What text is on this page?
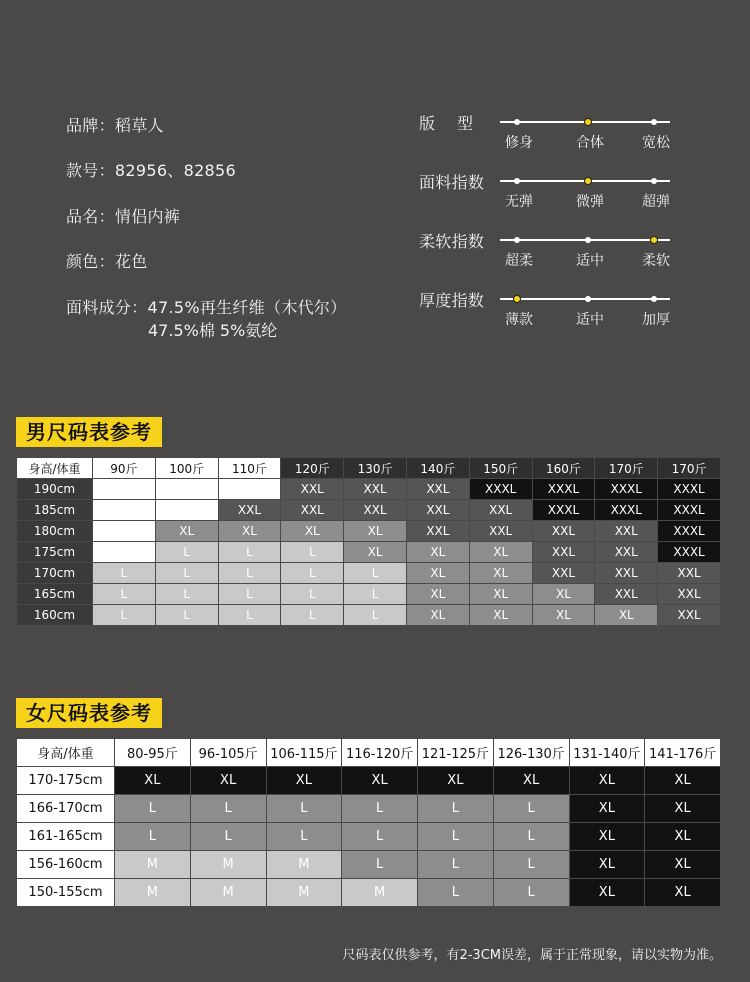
品牌：稻草人
款号：82956、82856
品名：情侣内裤
颜色：花色
面料成分：47.5%再生纤维（木代尔）
47.5%棉 5%氨纶
版　 型
修身	合体	宽松
面料指数
无弹	微弹	超弹
柔软指数
超柔	适中	柔软
厚度指数
薄款	适中	加厚
男尺码表参考
身高/体重	90斤	100斤	110斤	120斤	130斤	140斤	150斤	160斤	170斤	170斤
190cm				XXL	XXL	XXL	XXXL	XXXL	XXXL	XXXL
185cm			XXL	XXL	XXL	XXL	XXL	XXXL	XXXL	XXXL
180cm		XL	XL	XL	XL	XXL	XXL	XXL	XXL	XXXL
175cm		L	L	L	XL	XL	XL	XXL	XXL	XXXL
170cm	L	L	L	L	L	XL	XL	XXL	XXL	XXL
165cm	L	L	L	L	L	XL	XL	XL	XXL	XXL
160cm	L	L	L	L	L	XL	XL	XL	XL	XXL
女尺码表参考
身高/体重	80-95斤	96-105斤	106-115斤	116-120斤	121-125斤	126-130斤	131-140斤	141-176斤
170-175cm	XL	XL	XL	XL	XL	XL	XL	XL
166-170cm	L	L	L	L	L	L	XL	XL
161-165cm	L	L	L	L	L	L	XL	XL
156-160cm	M	M	M	L	L	L	XL	XL
150-155cm	M	M	M	M	L	L	XL	XL
尺码表仅供参考，有2-3CM误差，属于正常现象，请以实物为准。
